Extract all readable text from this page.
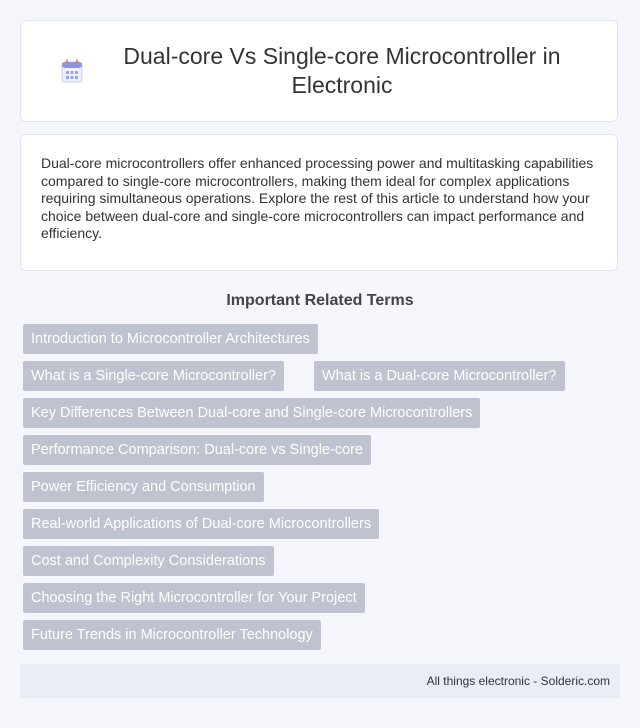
Dual-core Vs Single-core Microcontroller in Electronic

Dual-core microcontrollers offer enhanced processing power and multitasking capabilities compared to single-core microcontrollers, making them ideal for complex applications requiring simultaneous operations. Explore the rest of this article to understand how your choice between dual-core and single-core microcontrollers can impact performance and efficiency.

Important Related Terms
Introduction to Microcontroller Architectures
What is a Single-core Microcontroller?	What is a Dual-core Microcontroller?
Key Differences Between Dual-core and Single-core Microcontrollers
Performance Comparison: Dual-core vs Single-core
Power Efficiency and Consumption
Real-world Applications of Dual-core Microcontrollers
Cost and Complexity Considerations
Choosing the Right Microcontroller for Your Project
Future Trends in Microcontroller Technology
All things electronic - Solderic.com
